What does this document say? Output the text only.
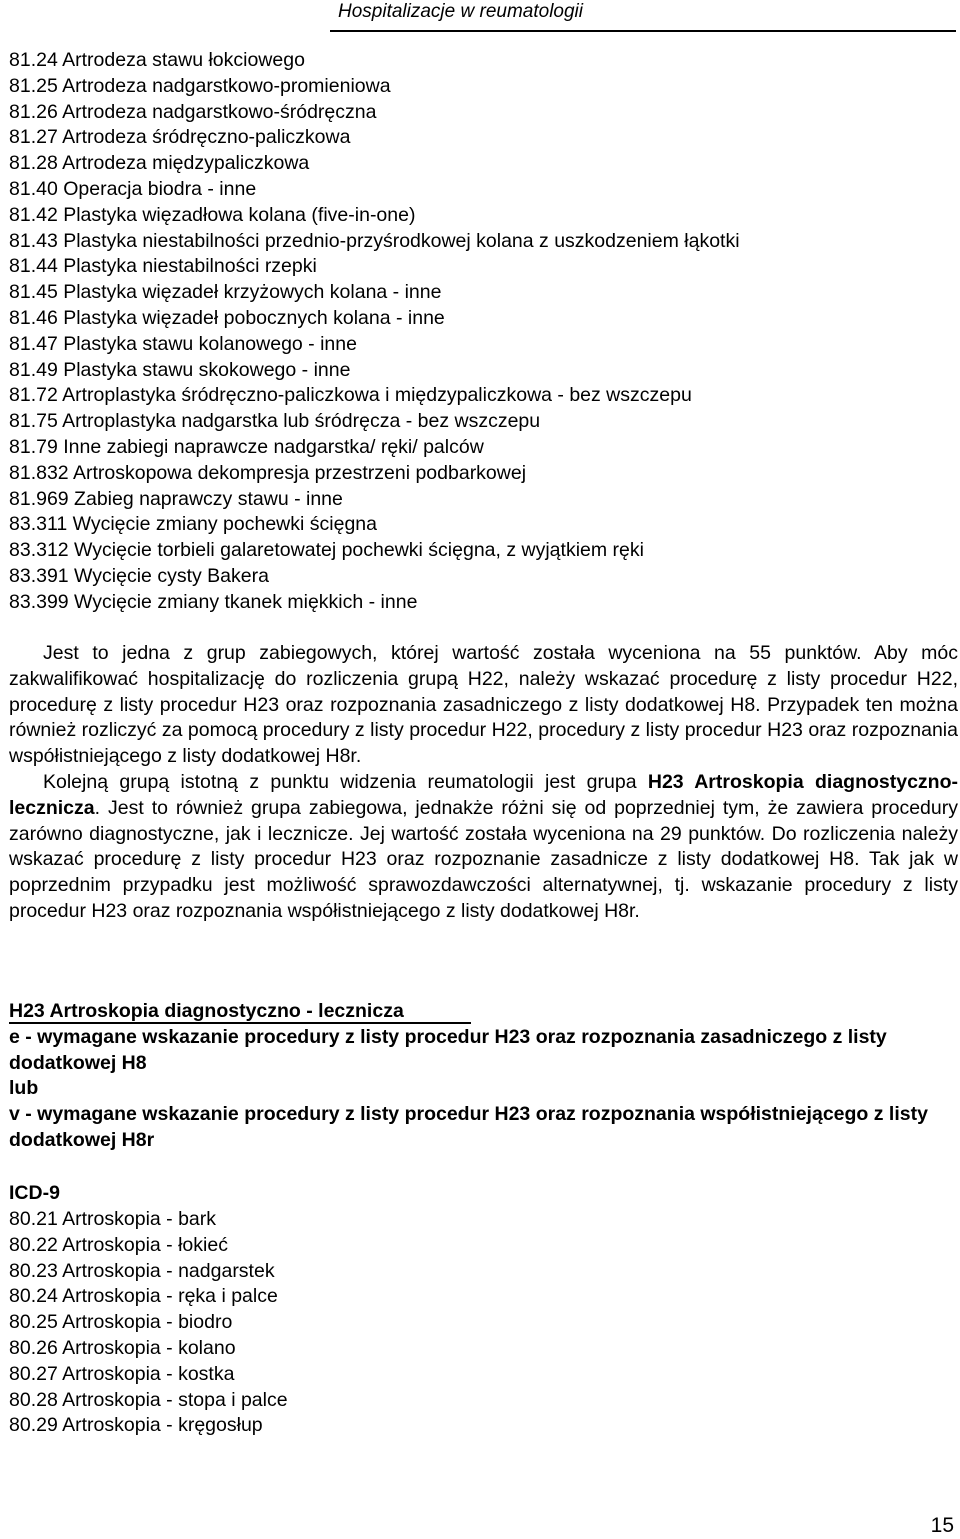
Hospitalizacje w reumatologii
81.24 Artrodeza stawu łokciowego
81.25 Artrodeza nadgarstkowo-promieniowa
81.26 Artrodeza nadgarstkowo-śródręczna
81.27 Artrodeza śródręczno-paliczkowa
81.28 Artrodeza międzypaliczkowa
81.40 Operacja biodra - inne
81.42 Plastyka więzadłowa kolana (five-in-one)
81.43 Plastyka niestabilności przednio-przyśrodkowej kolana z uszkodzeniem łąkotki
81.44 Plastyka niestabilności rzepki
81.45 Plastyka więzadeł krzyżowych kolana - inne
81.46 Plastyka więzadeł pobocznych kolana - inne
81.47 Plastyka stawu kolanowego - inne
81.49 Plastyka stawu skokowego - inne
81.72 Artroplastyka śródręczno-paliczkowa i międzypaliczkowa - bez wszczepu
81.75 Artroplastyka nadgarstka lub śródręcza - bez wszczepu
81.79 Inne zabiegi naprawcze nadgarstka/ ręki/ palców
81.832 Artroskopowa dekompresja przestrzeni podbarkowej
81.969 Zabieg naprawczy stawu - inne
83.311 Wycięcie zmiany pochewki ścięgna
83.312 Wycięcie torbieli galaretowatej pochewki ścięgna, z wyjątkiem ręki
83.391 Wycięcie cysty Bakera
83.399 Wycięcie zmiany tkanek miękkich - inne

Jest to jedna z grup zabiegowych, której wartość została wyceniona na 55 punktów. Aby móc zakwalifikować hospitalizację do rozliczenia grupą H22, należy wskazać procedurę z listy procedur H22, procedurę z listy procedur H23 oraz rozpoznania zasadniczego z listy dodatkowej H8. Przypadek ten można również rozliczyć za pomocą procedury z listy procedur H22, procedury z listy procedur H23 oraz rozpoznania współistniejącego z listy dodatkowej H8r.

Kolejną grupą istotną z punktu widzenia reumatologii jest grupa H23 Artroskopia diagnostyczno-lecznicza. Jest to również grupa zabiegowa, jednakże różni się od poprzedniej tym, że zawiera procedury zarówno diagnostyczne, jak i lecznicze. Jej wartość została wyceniona na 29 punktów. Do rozliczenia należy wskazać procedurę z listy procedur H23 oraz rozpoznanie zasadnicze z listy dodatkowej H8. Tak jak w poprzednim przypadku jest możliwość sprawozdawczości alternatywnej, tj. wskazanie procedury z listy procedur H23 oraz rozpoznania współistniejącego z listy dodatkowej H8r.

H23 Artroskopia diagnostyczno - lecznicza
e - wymagane wskazanie procedury z listy procedur H23 oraz rozpoznania zasadniczego z listy dodatkowej H8
lub
v - wymagane wskazanie procedury z listy procedur H23 oraz rozpoznania współistniejącego z listy dodatkowej H8r
ICD-9
80.21 Artroskopia - bark
80.22 Artroskopia - łokieć
80.23 Artroskopia - nadgarstek
80.24 Artroskopia - ręka i palce
80.25 Artroskopia - biodro
80.26 Artroskopia - kolano
80.27 Artroskopia - kostka
80.28 Artroskopia - stopa i palce
80.29 Artroskopia - kręgosłup
15
